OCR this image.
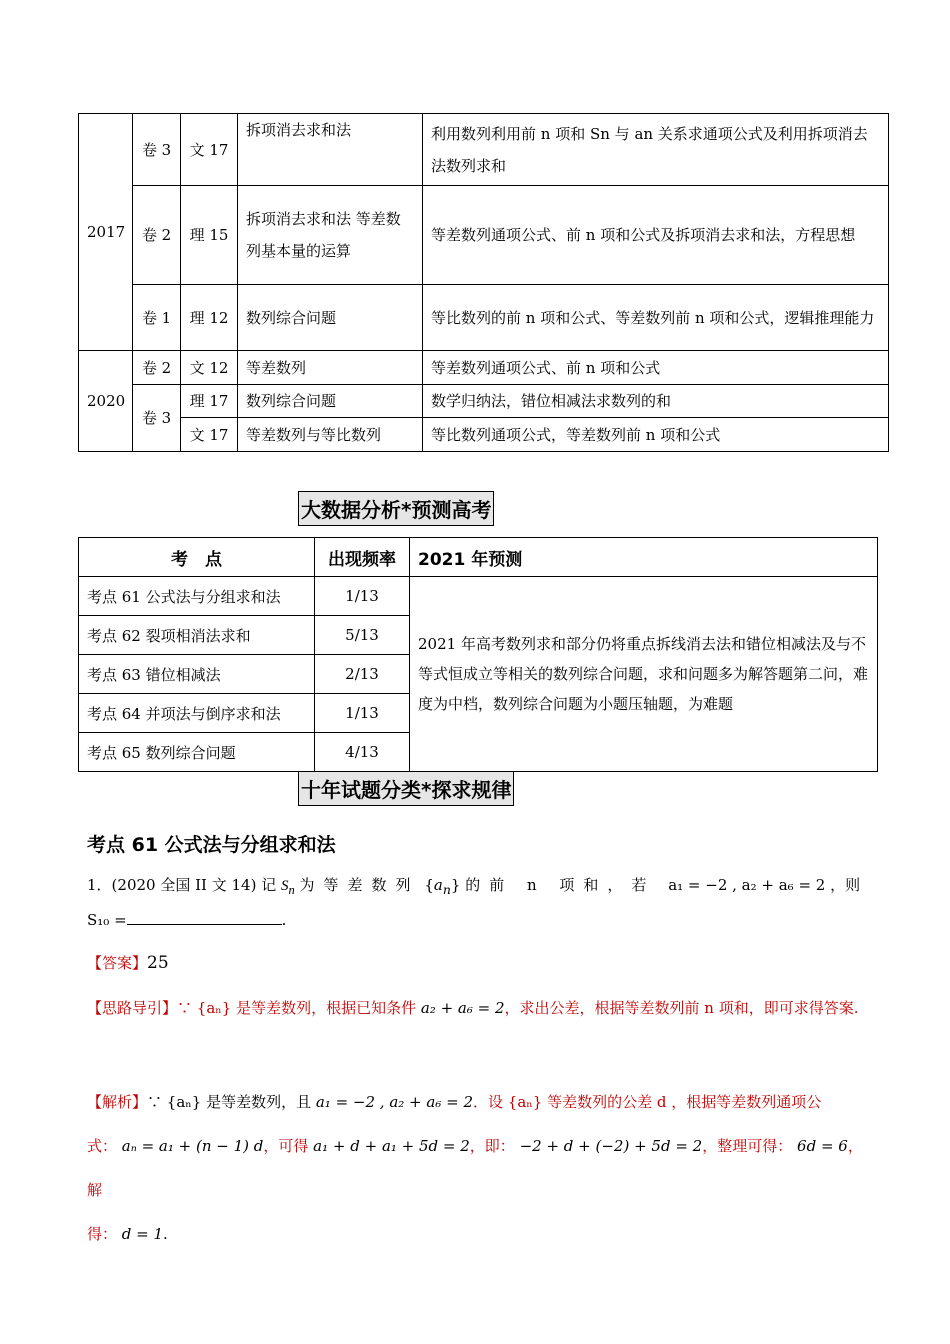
2017	卷 3	文 17	拆项消去求和法	利用数列利用前 n 项和 Sn 与 an 关系求通项公式及利用拆项消去法数列求和
	卷 2	理 15	拆项消去求和法 等差数列基本量的运算	等差数列通项公式、前 n 项和公式及拆项消去求和法，方程思想
	卷 1	理 12	数列综合问题	等比数列的前 n 项和公式、等差数列前 n 项和公式，逻辑推理能力
2020	卷 2	文 12	等差数列	等差数列通项公式、前 n 项和公式
	卷 3	理 17	数列综合问题	数学归纳法，错位相减法求数列的和
		文 17	等差数列与等比数列	等比数列通项公式，等差数列前 n 项和公式
大数据分析*预测高考
考　点	出现频率	2021 年预测
考点 61 公式法与分组求和法	1/13	2021 年高考数列求和部分仍将重点拆线消去法和错位相减法及与不等式恒成立等相关的数列综合问题，求和问题多为解答题第二问，难度为中档，数列综合问题为小题压轴题，为难题
考点 62 裂项相消法求和	5/13	
考点 63 错位相减法	2/13	
考点 64 并项法与倒序求和法	1/13	
考点 65 数列综合问题	4/13	
十年试题分类*探求规律
考点 61 公式法与分组求和法
1．(2020 全国 II 文 14) 记 $S_n$ 为等差数列 $\{a_n\}$ 的前 n 项和，若 a₁ = −2 , a₂ + a₆ = 2 ，则
S₁₀ =	.
【答案】25
【思路导引】∵ {aₙ} 是等差数列，根据已知条件 a₂ + a₆ = 2，求出公差，根据等差数列前 n 项和，即可求得答案.
【解析】∵ {aₙ} 是等差数列，且 a₁ = −2 , a₂ + a₆ = 2．设 {aₙ} 等差数列的公差 d ，根据等差数列通项公
式： aₙ = a₁ + (n − 1) d，可得 a₁ + d + a₁ + 5d = 2，即： −2 + d + (−2) + 5d = 2，整理可得： 6d = 6，解
得： d = 1.
